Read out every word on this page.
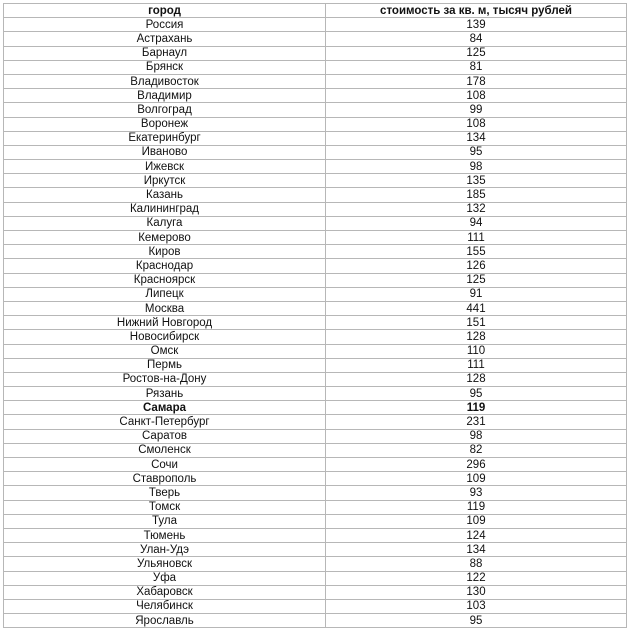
город	стоимость за кв. м, тысяч рублей
Россия	139
Астрахань	84
Барнаул	125
Брянск	81
Владивосток	178
Владимир	108
Волгоград	99
Воронеж	108
Екатеринбург	134
Иваново	95
Ижевск	98
Иркутск	135
Казань	185
Калининград	132
Калуга	94
Кемерово	111
Киров	155
Краснодар	126
Красноярск	125
Липецк	91
Москва	441
Нижний Новгород	151
Новосибирск	128
Омск	110
Пермь	111
Ростов-на-Дону	128
Рязань	95
Самара	119
Санкт-Петербург	231
Саратов	98
Смоленск	82
Сочи	296
Ставрополь	109
Тверь	93
Томск	119
Тула	109
Тюмень	124
Улан-Удэ	134
Ульяновск	88
Уфа	122
Хабаровск	130
Челябинск	103
Ярославль	95
